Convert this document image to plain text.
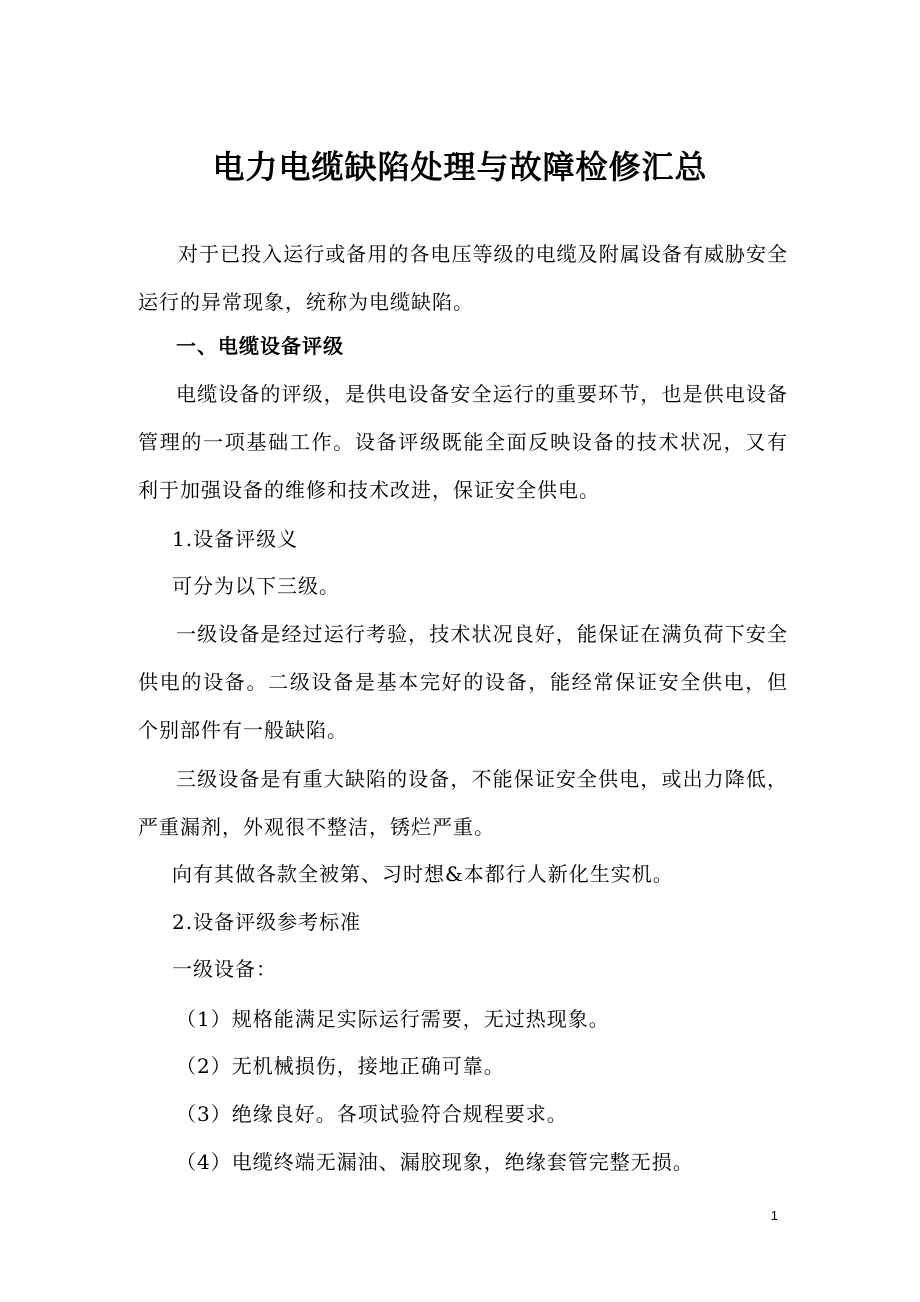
电力电缆缺陷处理与故障检修汇总

对于已投入运行或备用的各电压等级的电缆及附属设备有威胁安全运行的异常现象，统称为电缆缺陷。

一、电缆设备评级

电缆设备的评级，是供电设备安全运行的重要环节，也是供电设备管理的一项基础工作。设备评级既能全面反映设备的技术状况，又有利于加强设备的维修和技术改进，保证安全供电。

1.设备评级义

可分为以下三级。

一级设备是经过运行考验，技术状况良好，能保证在满负荷下安全供电的设备。二级设备是基本完好的设备，能经常保证安全供电，但个别部件有一般缺陷。

三级设备是有重大缺陷的设备，不能保证安全供电，或出力降低，严重漏剂，外观很不整洁，锈烂严重。

向有其做各款全被第、习时想&本都行人新化生实机。

2.设备评级参考标准

一级设备：

（1）规格能满足实际运行需要，无过热现象。

（2）无机械损伤，接地正确可靠。

（3）绝缘良好。各项试验符合规程要求。

（4）电缆终端无漏油、漏胶现象，绝缘套管完整无损。

1
